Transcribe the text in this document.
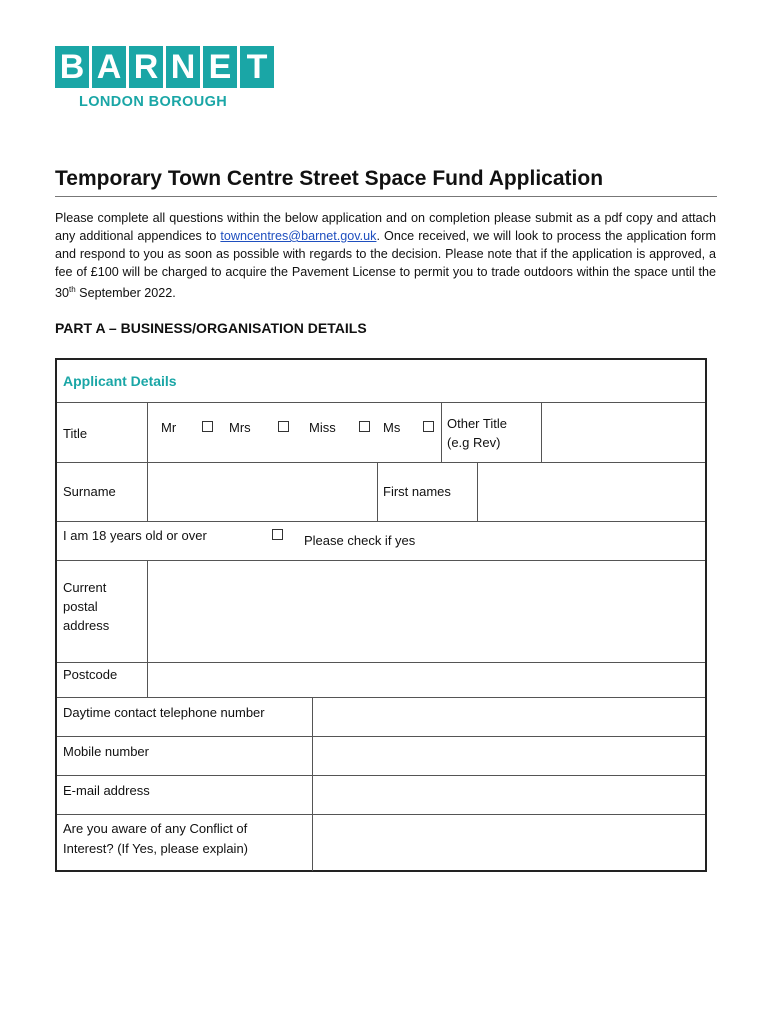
B A R N E T
LONDON BOROUGH
Temporary Town Centre Street Space Fund Application
Please complete all questions within the below application and on completion please submit as a pdf copy and attach any additional appendices to towncentres@barnet.gov.uk. Once received, we will look to process the application form and respond to you as soon as possible with regards to the decision. Please note that if the application is approved, a fee of £100 will be charged to acquire the Pavement License to permit you to trade outdoors within the space until the 30th September 2022.
PART A – BUSINESS/ORGANISATION DETAILS
Applicant Details
Title	Mr	Mrs	Miss	Ms	Other Title
(e.g Rev)
Surname	First names
I am 18 years old or over	Please check if yes
Current
postal
address
Postcode
Daytime contact telephone number
Mobile number
E-mail address
Are you aware of any Conflict of
Interest? (If Yes, please explain)
